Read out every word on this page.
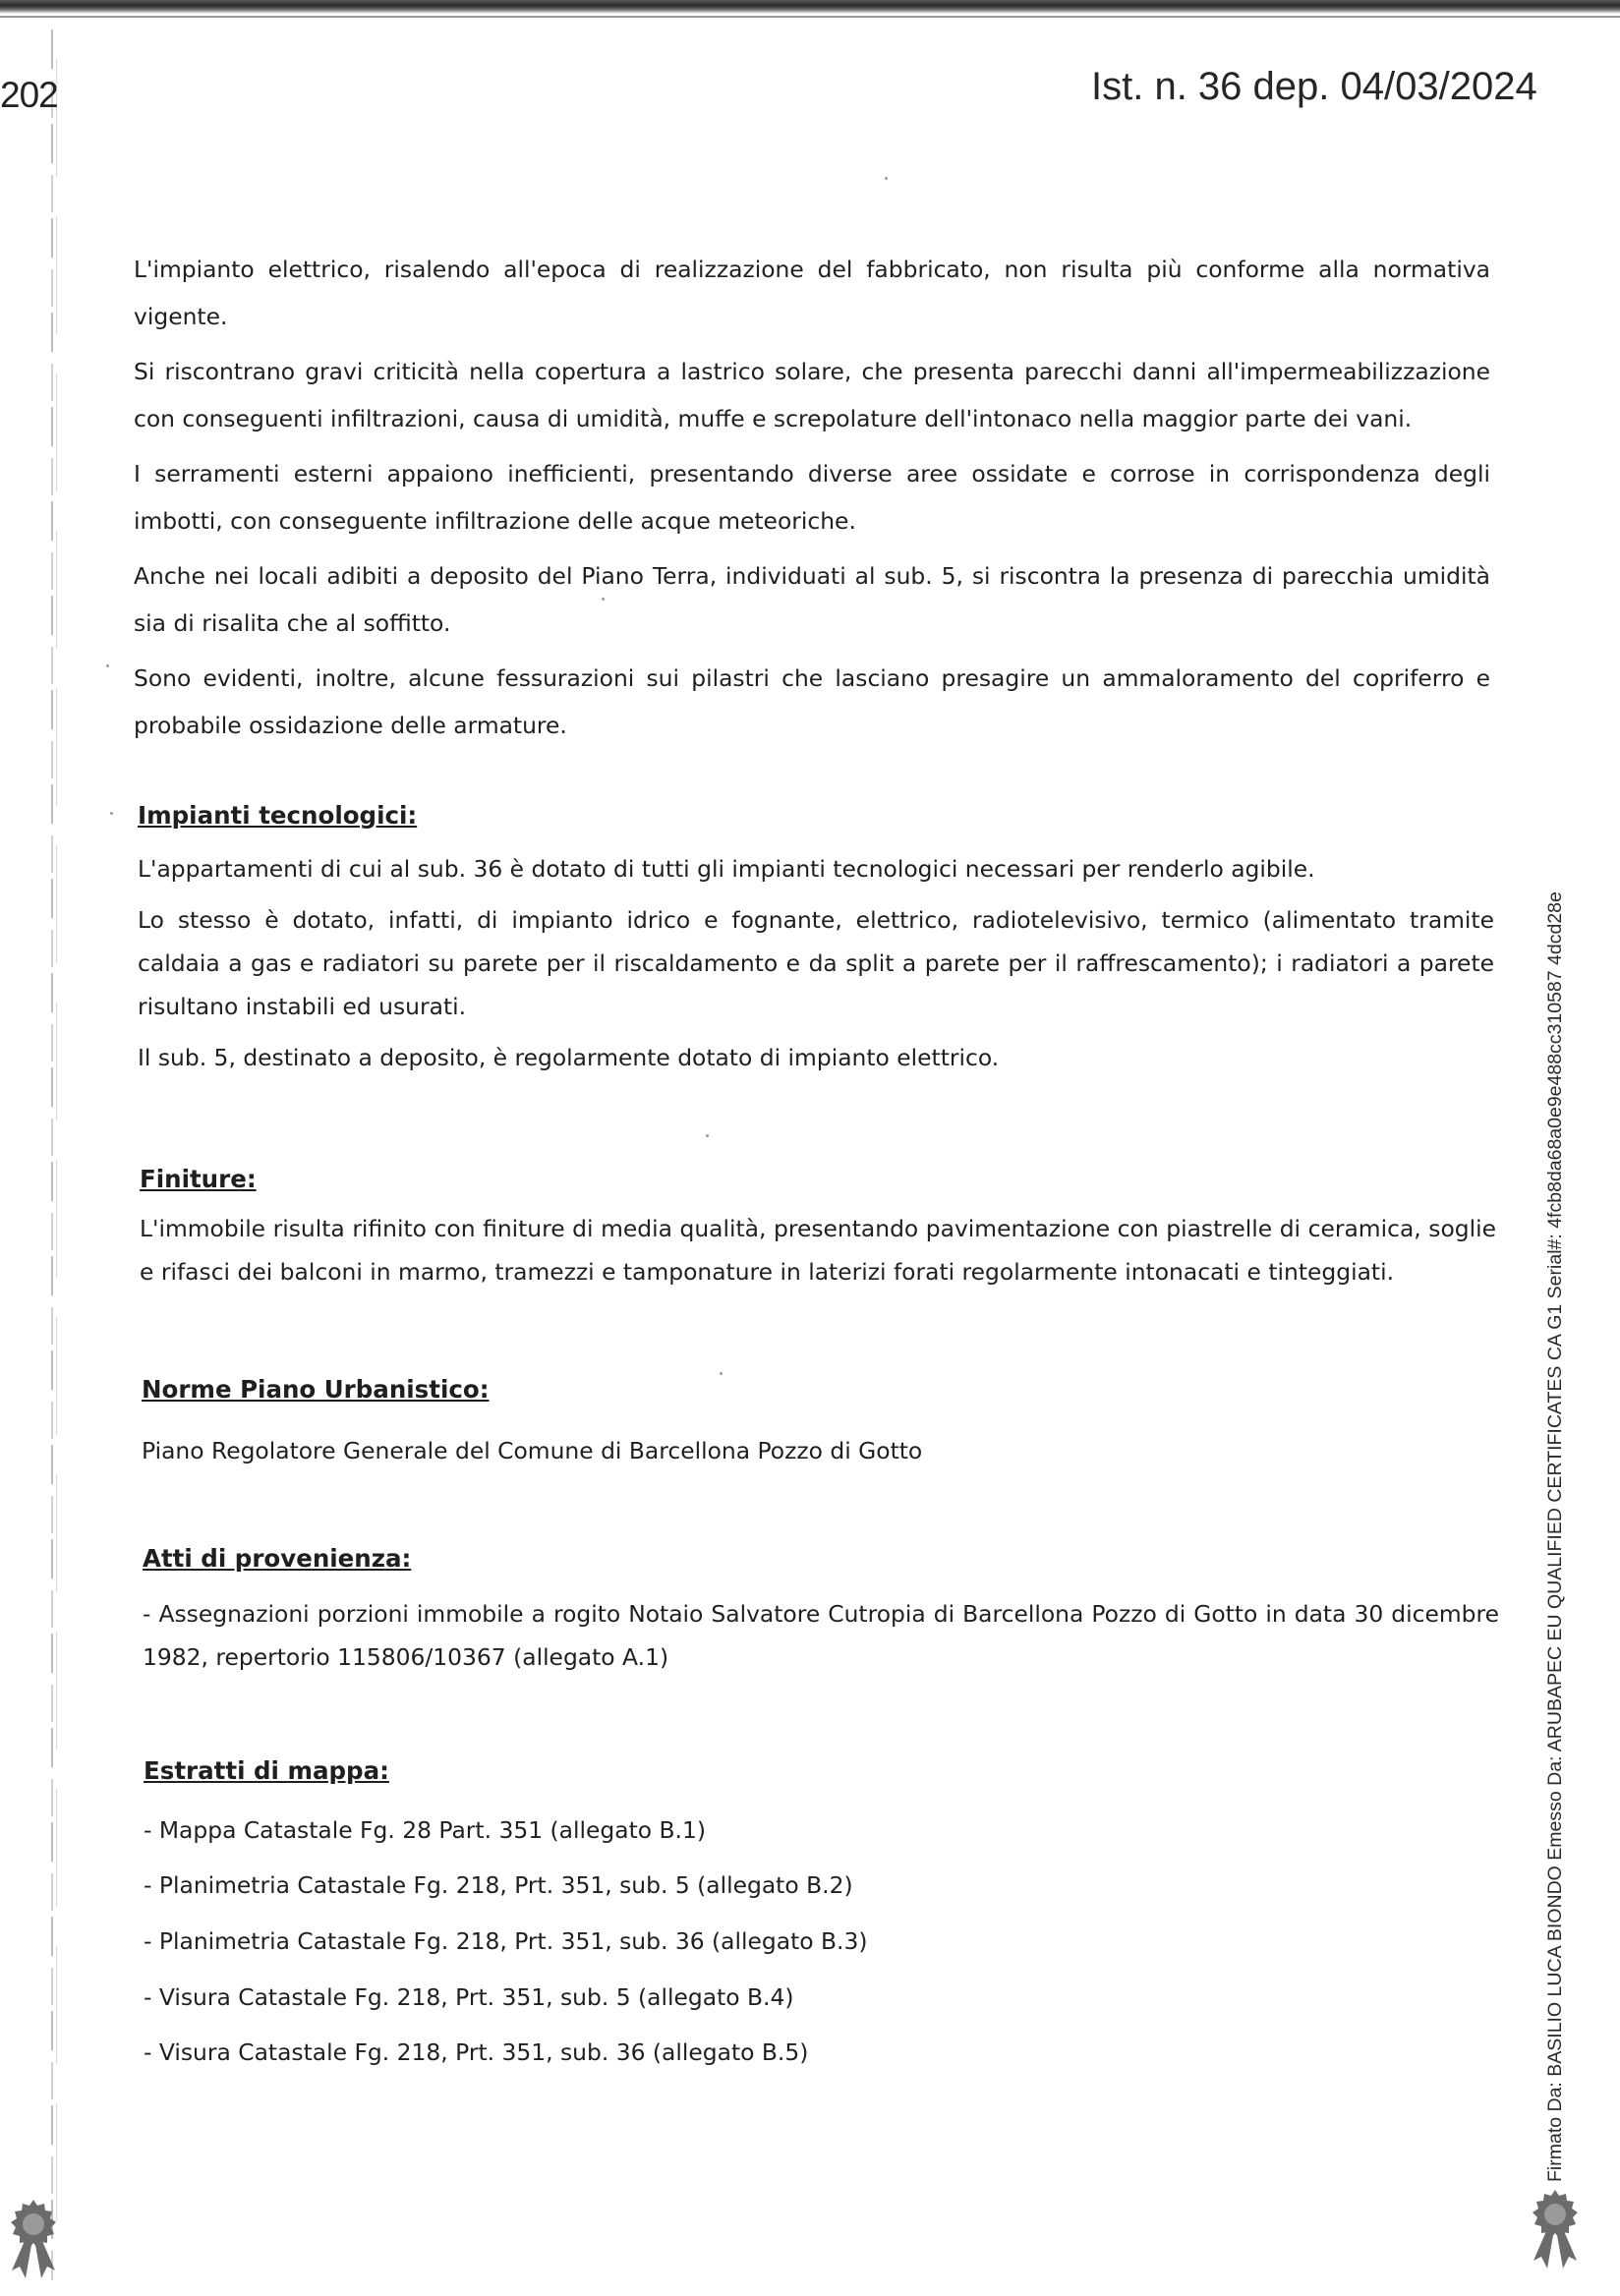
202	Ist. n. 36 dep. 04/03/2024

L'impianto elettrico, risalendo all'epoca di realizzazione del fabbricato, non risulta più conforme alla normativa vigente.

Si riscontrano gravi criticità nella copertura a lastrico solare, che presenta parecchi danni all'impermeabilizzazione con conseguenti infiltrazioni, causa di umidità, muffe e screpolature dell'intonaco nella maggior parte dei vani.

I serramenti esterni appaiono inefficienti, presentando diverse aree ossidate e corrose in corrispondenza degli imbotti, con conseguente infiltrazione delle acque meteoriche.

Anche nei locali adibiti a deposito del Piano Terra, individuati al sub. 5, si riscontra la presenza di parecchia umidità sia di risalita che al soffitto.

Sono evidenti, inoltre, alcune fessurazioni sui pilastri che lasciano presagire un ammaloramento del copriferro e probabile ossidazione delle armature.

Impianti tecnologici:

L'appartamenti di cui al sub. 36 è dotato di tutti gli impianti tecnologici necessari per renderlo agibile.

Lo stesso è dotato, infatti, di impianto idrico e fognante, elettrico, radiotelevisivo, termico (alimentato tramite caldaia a gas e radiatori su parete per il riscaldamento e da split a parete per il raffrescamento); i radiatori a parete risultano instabili ed usurati.

Il sub. 5, destinato a deposito, è regolarmente dotato di impianto elettrico.

Finiture:

L'immobile risulta rifinito con finiture di media qualità, presentando pavimentazione con piastrelle di ceramica, soglie e rifasci dei balconi in marmo, tramezzi e tamponature in laterizi forati regolarmente intonacati e tinteggiati.

Norme Piano Urbanistico:

Piano Regolatore Generale del Comune di Barcellona Pozzo di Gotto

Atti di provenienza:

- Assegnazioni porzioni immobile a rogito Notaio Salvatore Cutropia di Barcellona Pozzo di Gotto in data 30 dicembre 1982, repertorio 115806/10367 (allegato A.1)

Estratti di mappa:

- Mappa Catastale Fg. 28 Part. 351 (allegato B.1)

- Planimetria Catastale Fg. 218, Prt. 351, sub. 5 (allegato B.2)

- Planimetria Catastale Fg. 218, Prt. 351, sub. 36 (allegato B.3)

- Visura Catastale Fg. 218, Prt. 351, sub. 5 (allegato B.4)

- Visura Catastale Fg. 218, Prt. 351, sub. 36 (allegato B.5)	Firmato Da: BASILIO LUCA BIONDO Emesso Da: ARUBAPEC EU QUALIFIED CERTIFICATES CA G1 Serial#: 4fcb8da68a0e9e488cc310587 4dcd28e
